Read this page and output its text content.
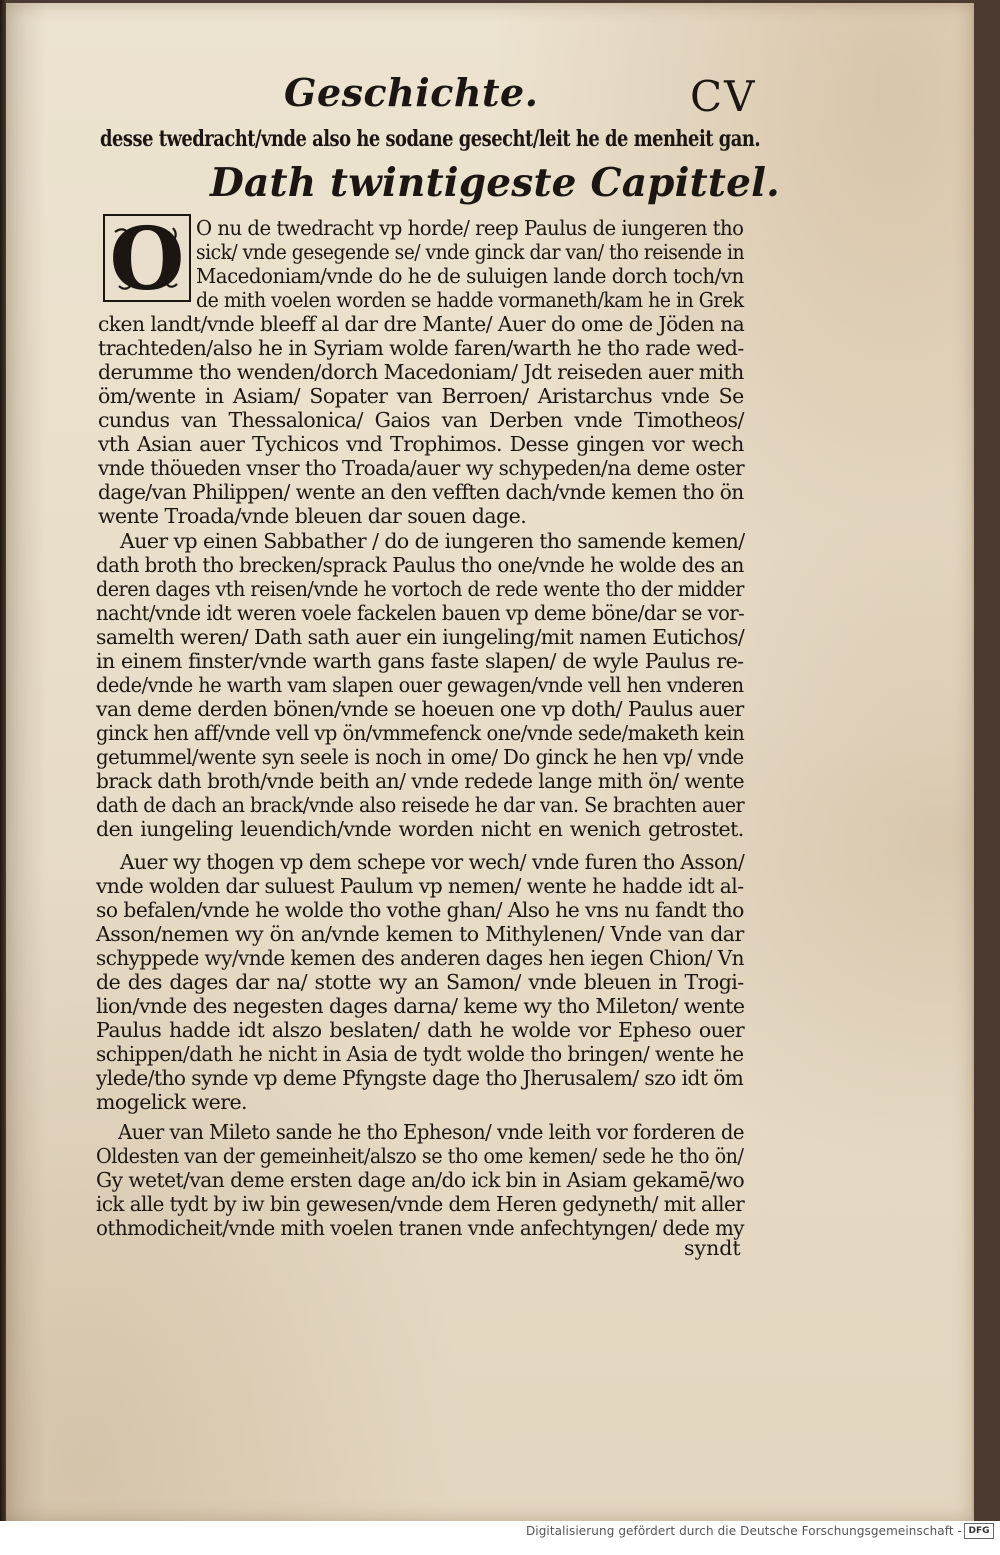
Geschichte.	CV
desse twedracht/vnde also he sodane gesecht/leit he de menheit gan.
Dath twintigeste Capittel.
O O nu de twedracht vp horde/ reep Paulus de iungeren tho
sick/ vnde gesegende se/ vnde ginck dar van/ tho reisende in
Macedoniam/vnde do he de suluigen lande dorch toch/vn
de mith voelen worden se hadde vormaneth/kam he in Grek
cken landt/vnde bleeff al dar dre Mante/ Auer do ome de Jöden na
trachteden/also he in Syriam wolde faren/warth he tho rade wed-
derumme tho wenden/dorch Macedoniam/ Jdt reiseden auer mith
öm/wente in Asiam/ Sopater van Berroen/ Aristarchus vnde Se
cundus van Thessalonica/ Gaios van Derben vnde Timotheos/
vth Asian auer Tychicos vnd Trophimos. Desse gingen vor wech
vnde thöueden vnser tho Troada/auer wy schypeden/na deme oster
dage/van Philippen/ wente an den vefften dach/vnde kemen tho ön
wente Troada/vnde bleuen dar souen dage.
Auer vp einen Sabbather / do de iungeren tho samende kemen/
dath broth tho brecken/sprack Paulus tho one/vnde he wolde des an
deren dages vth reisen/vnde he vortoch de rede wente tho der midder
nacht/vnde idt weren voele fackelen bauen vp deme böne/dar se vor-
samelth weren/ Dath sath auer ein iungeling/mit namen Eutichos/
in einem finster/vnde warth gans faste slapen/ de wyle Paulus re-
dede/vnde he warth vam slapen ouer gewagen/vnde vell hen vnderen
van deme derden bönen/vnde se hoeuen one vp doth/ Paulus auer
ginck hen aff/vnde vell vp ön/vmmefenck one/vnde sede/maketh kein
getummel/wente syn seele is noch in ome/ Do ginck he hen vp/ vnde
brack dath broth/vnde beith an/ vnde redede lange mith ön/ wente
dath de dach an brack/vnde also reisede he dar van. Se brachten auer
den iungeling leuendich/vnde worden nicht en wenich getrostet.
Auer wy thogen vp dem schepe vor wech/ vnde furen tho Asson/
vnde wolden dar suluest Paulum vp nemen/ wente he hadde idt al-
so befalen/vnde he wolde tho vothe ghan/ Also he vns nu fandt tho
Asson/nemen wy ön an/vnde kemen to Mithylenen/ Vnde van dar
schyppede wy/vnde kemen des anderen dages hen iegen Chion/ Vn
de des dages dar na/ stotte wy an Samon/ vnde bleuen in Trogi-
lion/vnde des negesten dages darna/ keme wy tho Mileton/ wente
Paulus hadde idt alszo beslaten/ dath he wolde vor Epheso ouer
schippen/dath he nicht in Asia de tydt wolde tho bringen/ wente he
ylede/tho synde vp deme Pfyngste dage tho Jherusalem/ szo idt öm
mogelick were.
Auer van Mileto sande he tho Epheson/ vnde leith vor forderen de
Oldesten van der gemeinheit/alszo se tho ome kemen/ sede he tho ön/
Gy wetet/van deme ersten dage an/do ick bin in Asiam gekamē/wo
ick alle tydt by iw bin gewesen/vnde dem Heren gedyneth/ mit aller
othmodicheit/vnde mith voelen tranen vnde anfechtyngen/ dede my
syndt
Digitalisierung gefördert durch die Deutsche Forschungsgemeinschaft - DFG
